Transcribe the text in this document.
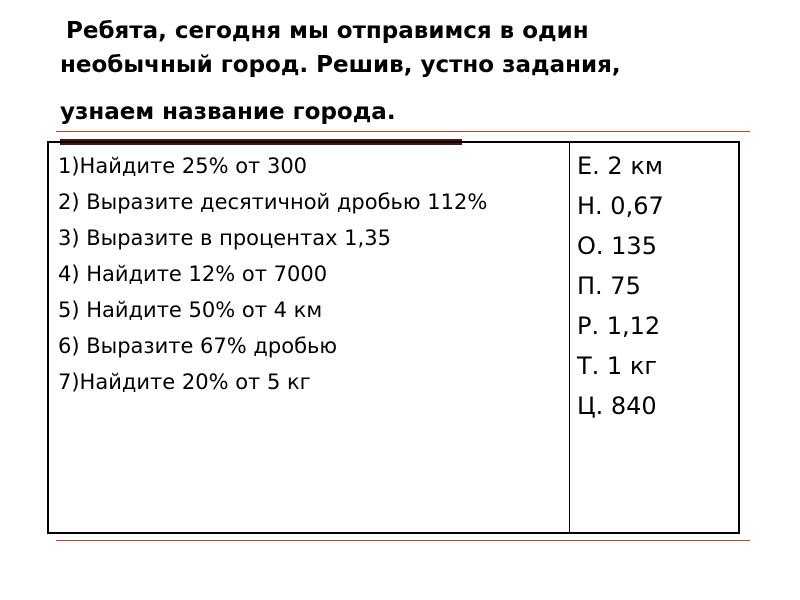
Ребята, сегодня мы отправимся в один
необычный город. Решив, устно задания,
узнаем название города.
1)Найдите 25% от 300
2) Выразите десятичной дробью 112%
3) Выразите в процентах 1,35
4) Найдите 12% от 7000
5) Найдите 50% от 4 км
6) Выразите 67% дробью
7)Найдите 20% от 5 кг
Е. 2 км
Н. 0,67
О. 135
П. 75
Р. 1,12
Т. 1 кг
Ц. 840
